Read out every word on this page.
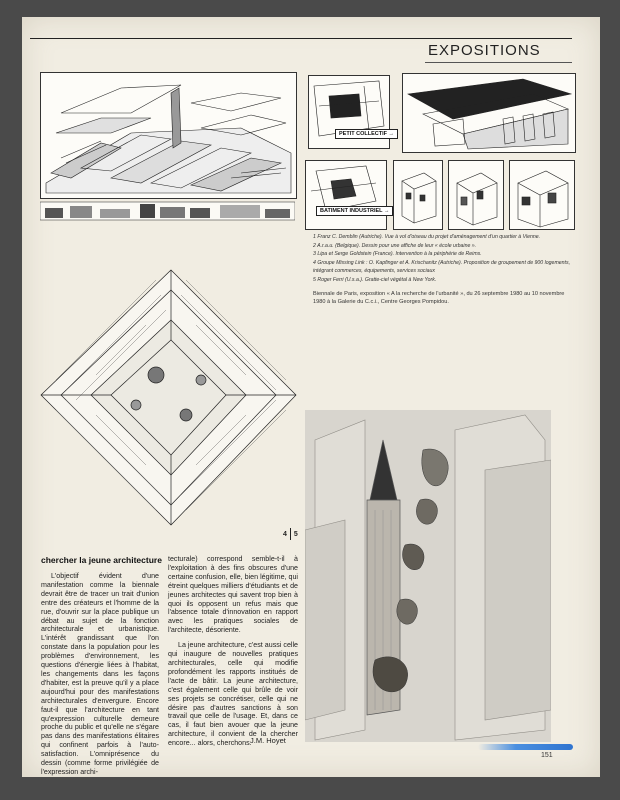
EXPOSITIONS
PETIT COLLECTIF →
BATIMENT INDUSTRIEL →

1 Franz C. Demblin (Autriche). Vue à vol d'oiseau du projet d'aménagement d'un quartier à Vienne.

2 A.r.a.u. (Belgique). Dessin pour une affiche de leur « école urbaine ».

3 Lipa et Serge Goldstein (France). Intervention à la périphérie de Reims.

4 Groupe Missing Link : O. Kapfinger et A. Krischanitz (Autriche). Proposition de groupement de 900 logements, intégrant commerces, équipements, services sociaux

5 Roger Ferri (U.s.a.). Gratte-ciel végétal à New York.

Biennale de Paris, exposition « A la recherche de l'urbanité », du 26 septembre 1980 au 10 novembre 1980 à la Galerie du C.c.i., Centre Georges Pompidou.

4 5
chercher la jeune architecture

L'objectif évident d'une manifestation comme la biennale devrait être de tracer un trait d'union entre des créateurs et l'homme de la rue, d'ouvrir sur la place publique un débat au sujet de la fonction architecturale et urbanistique. L'intérêt grandissant que l'on constate dans la population pour les problèmes d'environnement, les questions d'énergie liées à l'habitat, les changements dans les façons d'habiter, est la preuve qu'il y a place aujourd'hui pour des manifestations architecturales d'envergure. Encore faut-il que l'architecture en tant qu'expression culturelle demeure proche du public et qu'elle ne s'égare pas dans des manifestations élitaires qui confinent parfois à l'auto-satisfaction. L'omniprésence du dessin (comme forme privilégiée de l'expression archi-

tecturale) correspond semble-t-il à l'exploitation à des fins obscures d'une certaine confusion, elle, bien légitime, qui étreint quelques milliers d'étudiants et de jeunes architectes qui savent trop bien à quoi ils opposent un refus mais que l'absence totale d'innovation en rapport avec les pratiques sociales de l'architecte, désoriente.

La jeune architecture, c'est aussi celle qui inaugure de nouvelles pratiques architecturales, celle qui modifie profondément les rapports institués de l'acte de bâtir. La jeune architecture, c'est également celle qui brûle de voir ses projets se concrétiser, celle qui ne désire pas d'autres sanctions à son travail que celle de l'usage. Et, dans ce cas, il faut bien avouer que la jeune architecture, il convient de la chercher encore... alors, cherchons.

J.M. Hoyet
151
